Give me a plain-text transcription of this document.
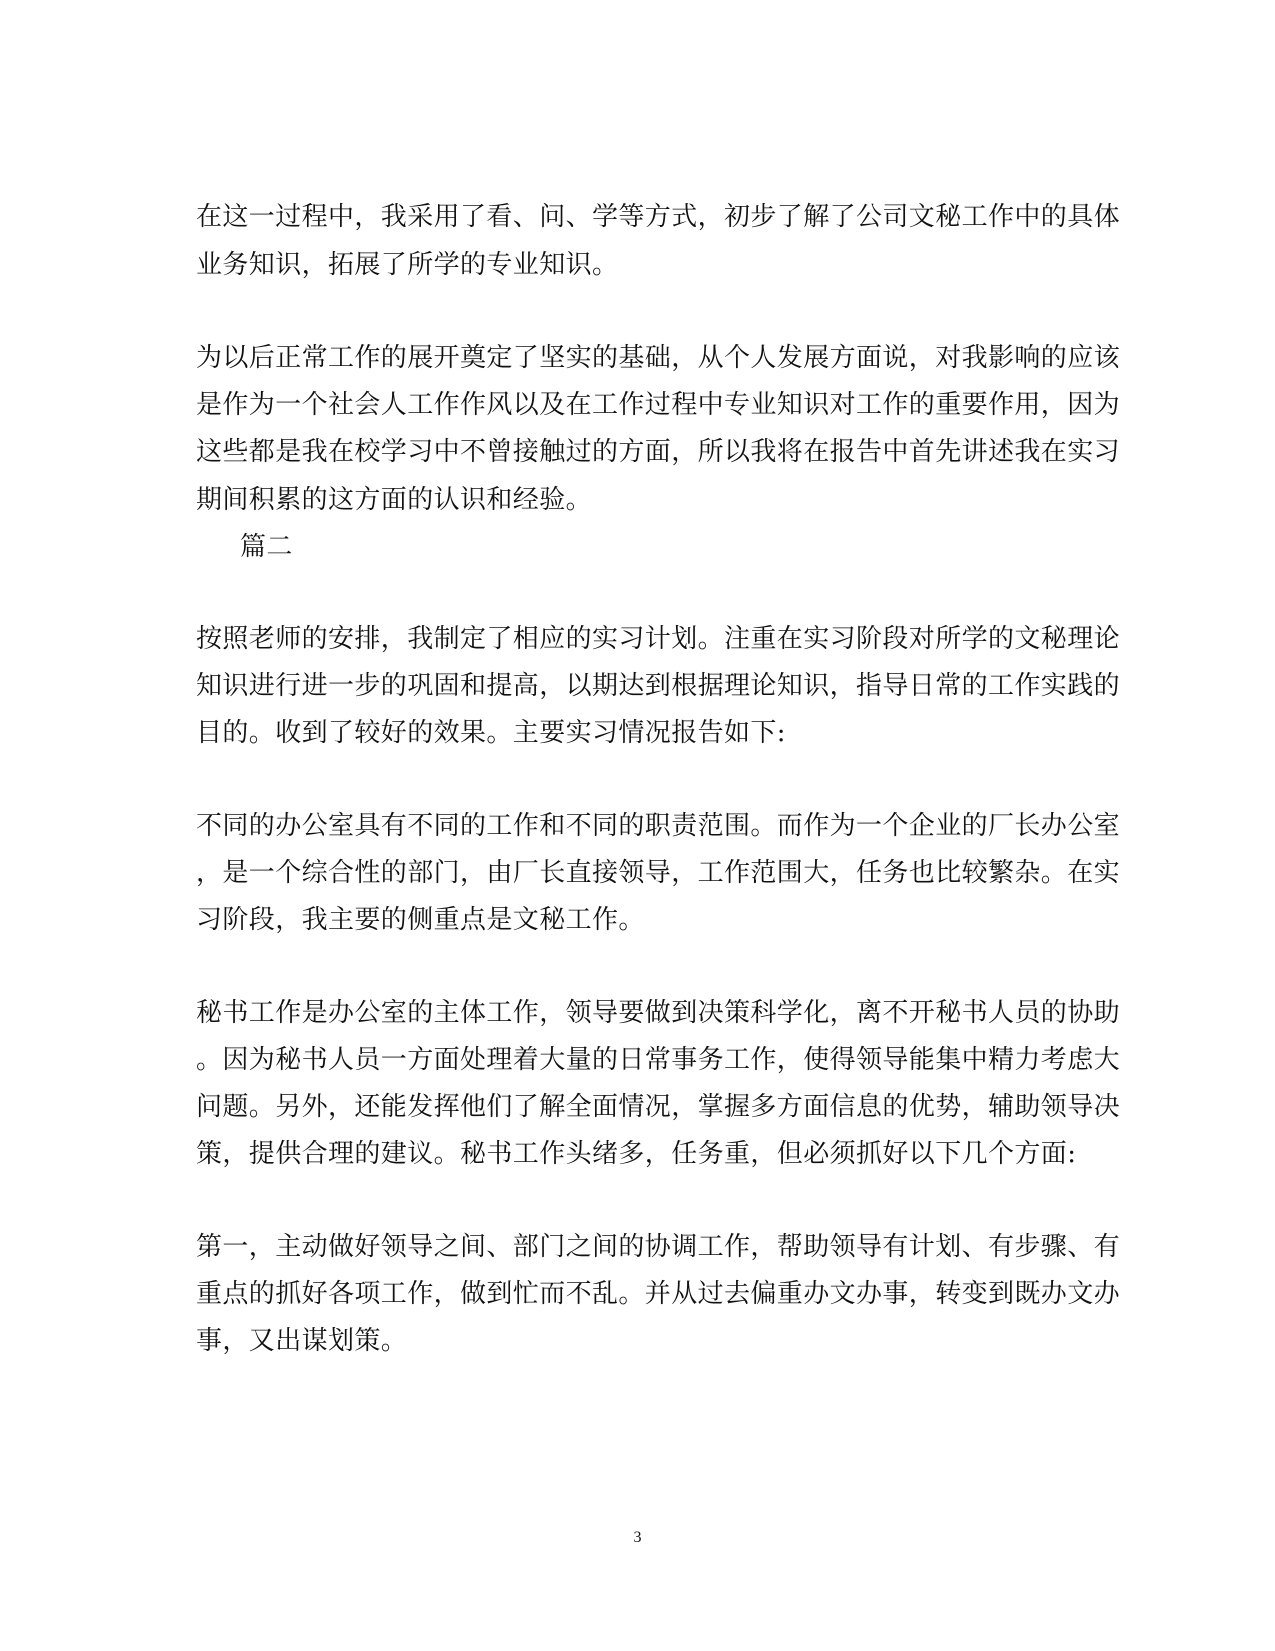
在这一过程中，我采用了看、问、学等方式，初步了解了公司文秘工作中的具体
业务知识，拓展了所学的专业知识。
为以后正常工作的展开奠定了坚实的基础，从个人发展方面说，对我影响的应该
是作为一个社会人工作作风以及在工作过程中专业知识对工作的重要作用，因为
这些都是我在校学习中不曾接触过的方面，所以我将在报告中首先讲述我在实习
期间积累的这方面的认识和经验。
篇二
按照老师的安排，我制定了相应的实习计划。注重在实习阶段对所学的文秘理论
知识进行进一步的巩固和提高，以期达到根据理论知识，指导日常的工作实践的
目的。收到了较好的效果。主要实习情况报告如下:
不同的办公室具有不同的工作和不同的职责范围。而作为一个企业的厂长办公室
，是一个综合性的部门，由厂长直接领导，工作范围大，任务也比较繁杂。在实
习阶段，我主要的侧重点是文秘工作。
秘书工作是办公室的主体工作，领导要做到决策科学化，离不开秘书人员的协助
。因为秘书人员一方面处理着大量的日常事务工作，使得领导能集中精力考虑大
问题。另外，还能发挥他们了解全面情况，掌握多方面信息的优势，辅助领导决
策，提供合理的建议。秘书工作头绪多，任务重，但必须抓好以下几个方面:
第一，主动做好领导之间、部门之间的协调工作，帮助领导有计划、有步骤、有
重点的抓好各项工作，做到忙而不乱。并从过去偏重办文办事，转变到既办文办
事，又出谋划策。
3
